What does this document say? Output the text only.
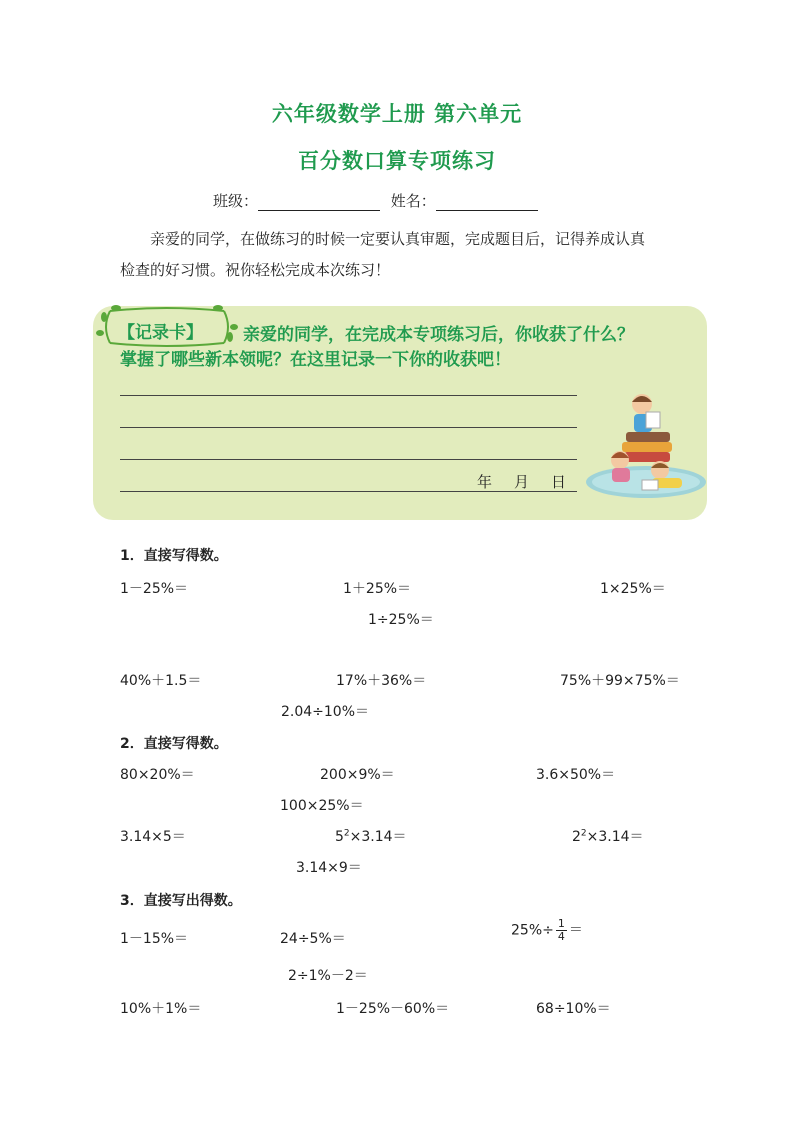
六年级数学上册 第六单元
百分数口算专项练习
班级：	姓名：
亲爱的同学，在做练习的时候一定要认真审题，完成题目后，记得养成认真
检查的好习惯。祝你轻松完成本次练习！
【记录卡】 亲爱的同学，在完成本专项练习后，你收获了什么？
掌握了哪些新本领呢？在这里记录一下你的收获吧！
年 月 日
1．直接写得数。
1－25%＝	1＋25%＝	1×25%＝
1÷25%＝
40%＋1.5＝	17%＋36%＝	75%＋99×75%＝
2.04÷10%＝
2．直接写得数。
80×20%＝	200×9%＝	3.6×50%＝
100×25%＝
3.14×5＝	$5^2\times 3.14=$	$2^2\times 3.14=$
3.14×9＝
3．直接写出得数。
1－15%＝	24÷5%＝
$25\%\div \frac{1}{4}$ ＝
2÷1%－2＝
10%＋1%＝	1－25%－60%＝	68÷10%＝
